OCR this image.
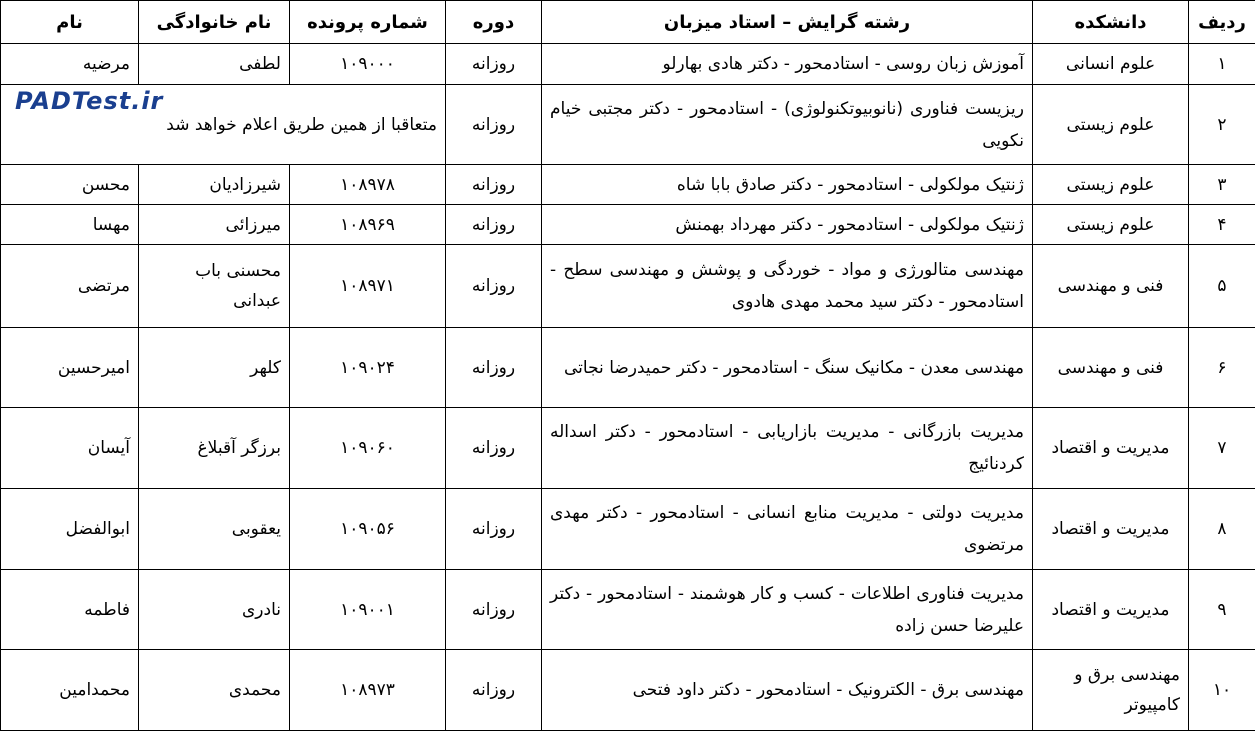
ردیف	دانشکده	رشته گرایش – استاد میزبان	دوره	شماره پرونده	نام خانوادگی	نام
۱	علوم انسانی	آموزش زبان روسی - استادمحور - دکتر هادی بهارلو	روزانه	۱۰۹۰۰۰	لطفی	مرضیه
۲	علوم زیستی	ریزیست فناوری (نانوبیوتکنولوژی) - استادمحور - دکتر مجتبی خیام نکویی	روزانه	متعاقبا از همین طریق اعلام خواهد شد
PADTest.ir		

۳	علوم زیستی	ژنتیک مولکولی - استادمحور - دکتر صادق بابا شاه	روزانه	۱۰۸۹۷۸	شیرزادیان	محسن
۴	علوم زیستی	ژنتیک مولکولی - استادمحور - دکتر مهرداد بهمنش	روزانه	۱۰۸۹۶۹	میرزائی	مهسا
۵	فنی و مهندسی	مهندسی متالورژی و مواد - خوردگی و پوشش و مهندسی سطح - استادمحور - دکتر سید محمد مهدی هادوی	روزانه	۱۰۸۹۷۱	محسنی باب عبدانی	مرتضی
۶	فنی و مهندسی	مهندسی معدن - مکانیک سنگ - استادمحور - دکتر حمیدرضا نجاتی	روزانه	۱۰۹۰۲۴	کلهر	امیرحسین
۷	مدیریت و اقتصاد	مدیریت بازرگانی - مدیریت بازاریابی - استادمحور - دکتر اسداله کردنائیج	روزانه	۱۰۹۰۶۰	برزگر آقبلاغ	آیسان
۸	مدیریت و اقتصاد	مدیریت دولتی - مدیریت منابع انسانی - استادمحور - دکتر مهدی مرتضوی	روزانه	۱۰۹۰۵۶	یعقوبی	ابوالفضل
۹	مدیریت و اقتصاد	مدیریت فناوری اطلاعات - کسب و کار هوشمند - استادمحور - دکتر علیرضا حسن زاده	روزانه	۱۰۹۰۰۱	نادری	فاطمه
۱۰	مهندسی برق و کامپیوتر	مهندسی برق - الکترونیک - استادمحور - دکتر داود فتحی	روزانه	۱۰۸۹۷۳	محمدی	محمدامین
